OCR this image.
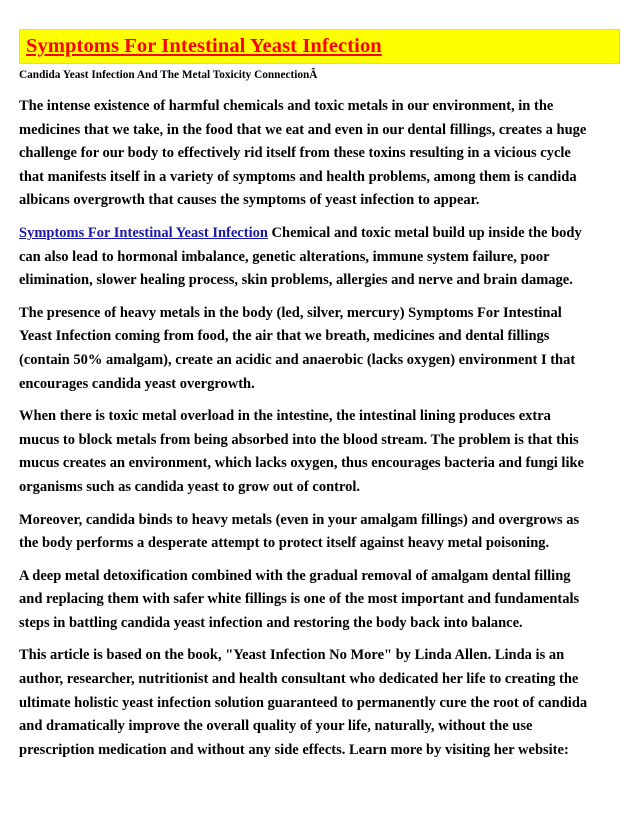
Symptoms For Intestinal Yeast Infection
Candida Yeast Infection And The Metal Toxicity ConnectionÂ

The intense existence of harmful chemicals and toxic metals in our environment, in the
medicines that we take, in the food that we eat and even in our dental fillings, creates a huge
challenge for our body to effectively rid itself from these toxins resulting in a vicious cycle
that manifests itself in a variety of symptoms and health problems, among them is candida
albicans overgrowth that causes the symptoms of yeast infection to appear.

Symptoms For Intestinal Yeast Infection Chemical and toxic metal build up inside the body
can also lead to hormonal imbalance, genetic alterations, immune system failure, poor
elimination, slower healing process, skin problems, allergies and nerve and brain damage.

The presence of heavy metals in the body (led, silver, mercury) Symptoms For Intestinal
Yeast Infection coming from food, the air that we breath, medicines and dental fillings
(contain 50% amalgam), create an acidic and anaerobic (lacks oxygen) environment I that
encourages candida yeast overgrowth.

When there is toxic metal overload in the intestine, the intestinal lining produces extra
mucus to block metals from being absorbed into the blood stream. The problem is that this
mucus creates an environment, which lacks oxygen, thus encourages bacteria and fungi like
organisms such as candida yeast to grow out of control.

Moreover, candida binds to heavy metals (even in your amalgam fillings) and overgrows as
the body performs a desperate attempt to protect itself against heavy metal poisoning.

A deep metal detoxification combined with the gradual removal of amalgam dental filling
and replacing them with safer white fillings is one of the most important and fundamentals
steps in battling candida yeast infection and restoring the body back into balance.

This article is based on the book, "Yeast Infection No More" by Linda Allen. Linda is an
author, researcher, nutritionist and health consultant who dedicated her life to creating the
ultimate holistic yeast infection solution guaranteed to permanently cure the root of candida
and dramatically improve the overall quality of your life, naturally, without the use
prescription medication and without any side effects. Learn more by visiting her website:
